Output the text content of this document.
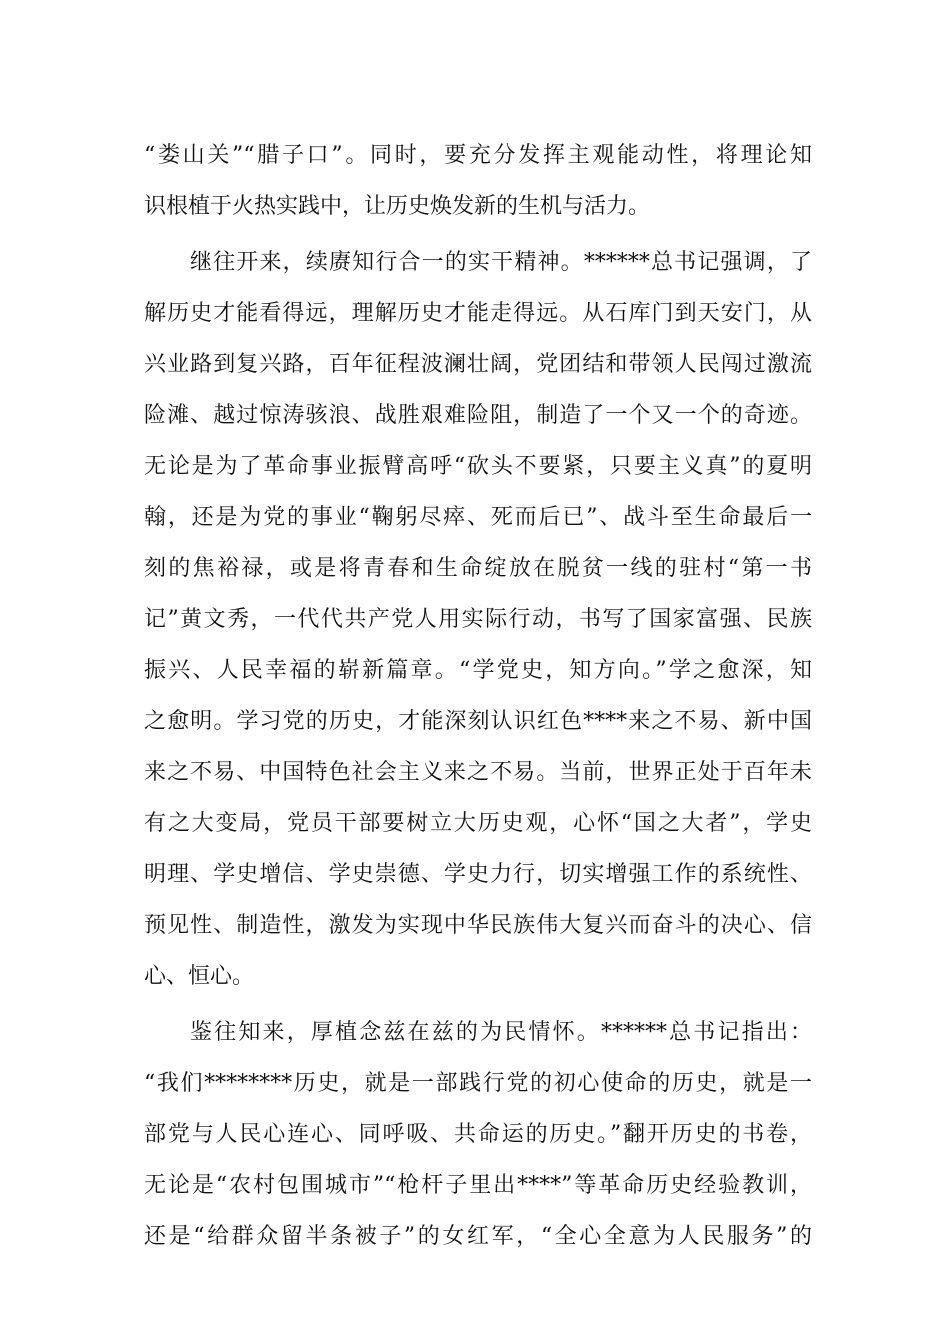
“娄山关”“腊子口”。同时，要充分发挥主观能动性，将理论知
识根植于火热实践中，让历史焕发新的生机与活力。
继往开来，续赓知行合一的实干精神。******总书记强调，了
解历史才能看得远，理解历史才能走得远。从石库门到天安门，从
兴业路到复兴路，百年征程波澜壮阔，党团结和带领人民闯过激流
险滩、越过惊涛骇浪、战胜艰难险阻，制造了一个又一个的奇迹。
无论是为了革命事业振臂高呼“砍头不要紧，只要主义真”的夏明
翰，还是为党的事业“鞠躬尽瘁、死而后已”、战斗至生命最后一
刻的焦裕禄，或是将青春和生命绽放在脱贫一线的驻村“第一书
记”黄文秀，一代代共产党人用实际行动，书写了国家富强、民族
振兴、人民幸福的崭新篇章。“学党史，知方向。”学之愈深，知
之愈明。学习党的历史，才能深刻认识红色****来之不易、新中国
来之不易、中国特色社会主义来之不易。当前，世界正处于百年未
有之大变局，党员干部要树立大历史观，心怀“国之大者”，学史
明理、学史增信、学史崇德、学史力行，切实增强工作的系统性、
预见性、制造性，激发为实现中华民族伟大复兴而奋斗的决心、信
心、恒心。
鉴往知来，厚植念兹在兹的为民情怀。******总书记指出：
“我们********历史，就是一部践行党的初心使命的历史，就是一
部党与人民心连心、同呼吸、共命运的历史。”翻开历史的书卷，
无论是“农村包围城市”“枪杆子里出****”等革命历史经验教训，
还是“给群众留半条被子”的女红军，“全心全意为人民服务”的
